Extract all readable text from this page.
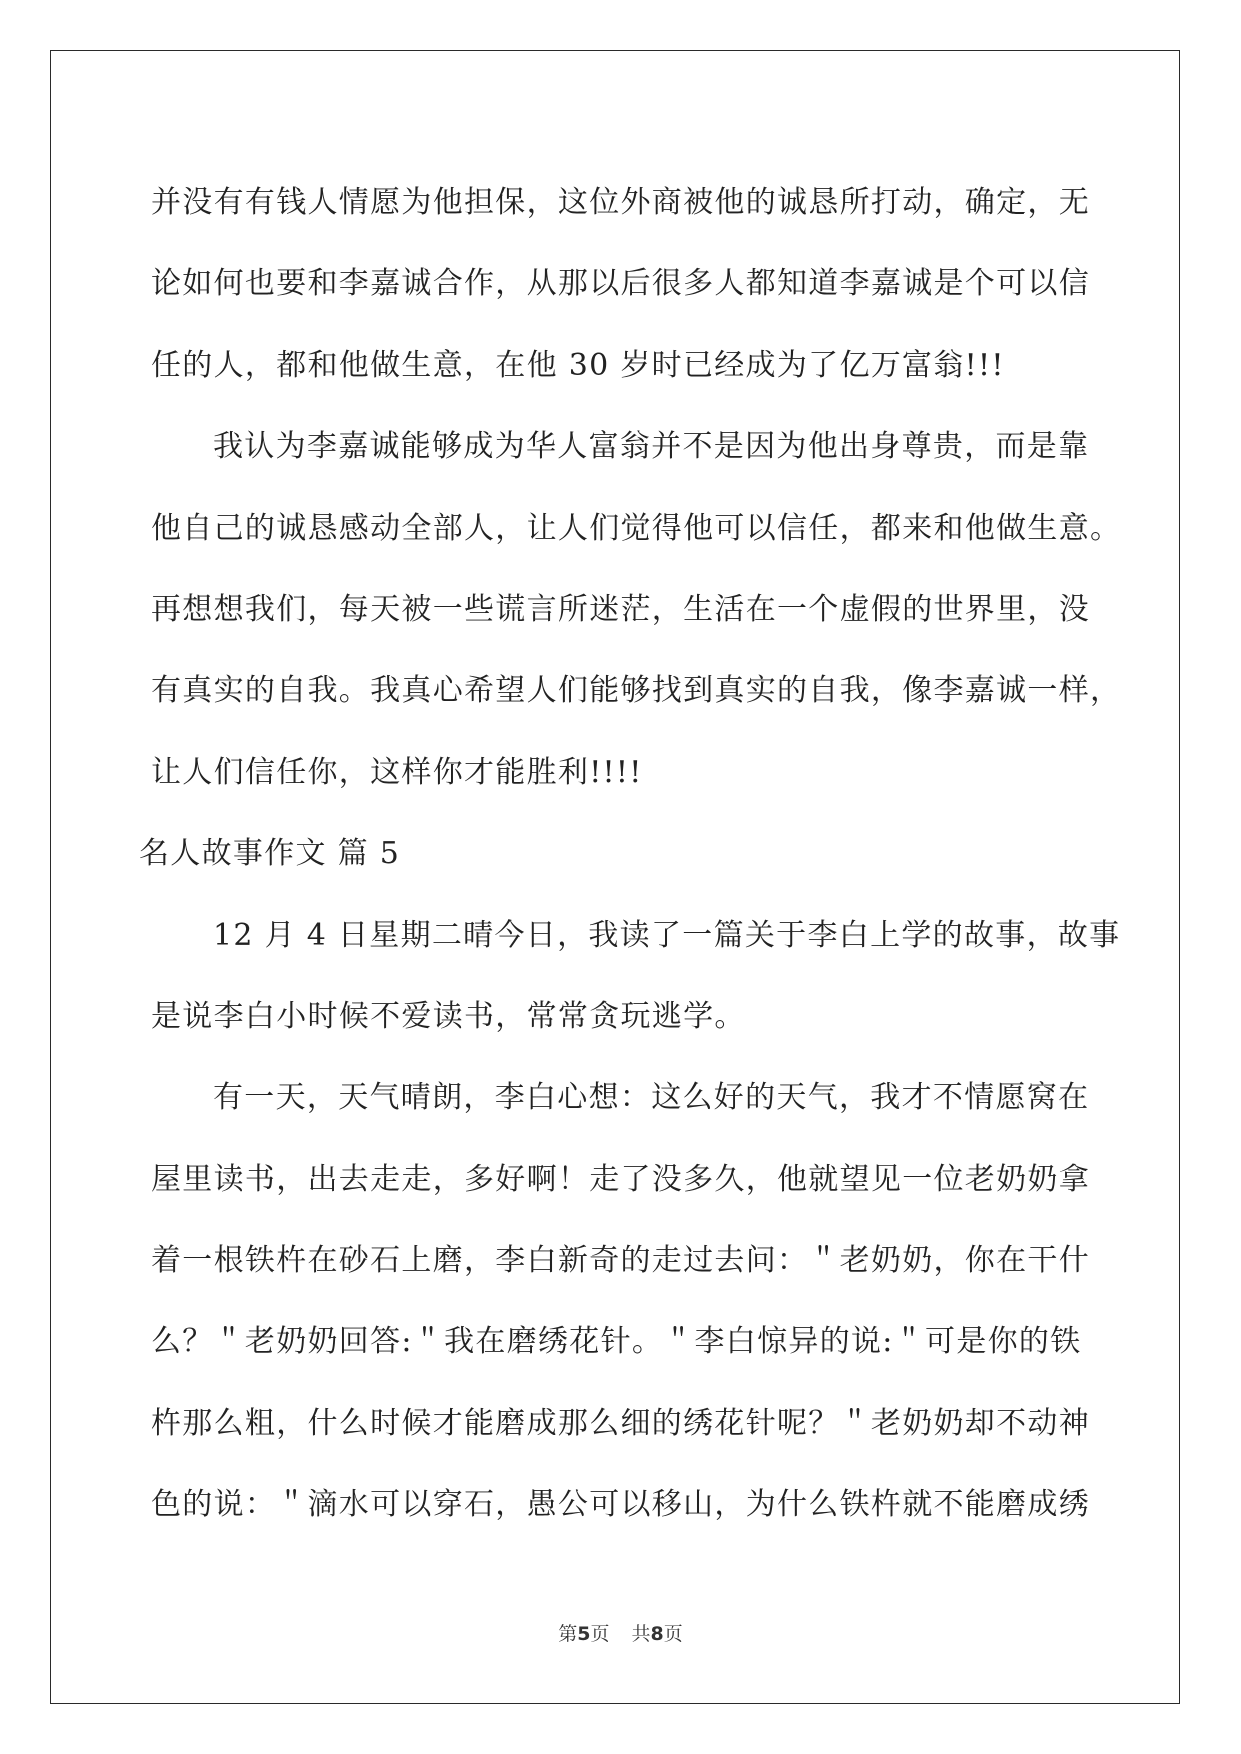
并没有有钱人情愿为他担保，这位外商被他的诚恳所打动，确定，无
论如何也要和李嘉诚合作，从那以后很多人都知道李嘉诚是个可以信
任的人，都和他做生意，在他 30 岁时已经成为了亿万富翁!!!
我认为李嘉诚能够成为华人富翁并不是因为他出身尊贵，而是靠
他自己的诚恳感动全部人，让人们觉得他可以信任，都来和他做生意。
再想想我们，每天被一些谎言所迷茫，生活在一个虚假的世界里，没
有真实的自我。我真心希望人们能够找到真实的自我，像李嘉诚一样，
让人们信任你，这样你才能胜利!!!!
名人故事作文 篇 5
12 月 4 日星期二晴今日，我读了一篇关于李白上学的故事，故事
是说李白小时候不爱读书，常常贪玩逃学。
有一天，天气晴朗，李白心想：这么好的天气，我才不情愿窝在
屋里读书，出去走走，多好啊！走了没多久，他就望见一位老奶奶拿
着一根铁杵在砂石上磨，李白新奇的走过去问：＂老奶奶，你在干什
么？＂老奶奶回答:＂我在磨绣花针。＂李白惊异的说:＂可是你的铁
杵那么粗，什么时候才能磨成那么细的绣花针呢？＂老奶奶却不动神
色的说：＂滴水可以穿石，愚公可以移山，为什么铁杵就不能磨成绣
第5页 共8页
